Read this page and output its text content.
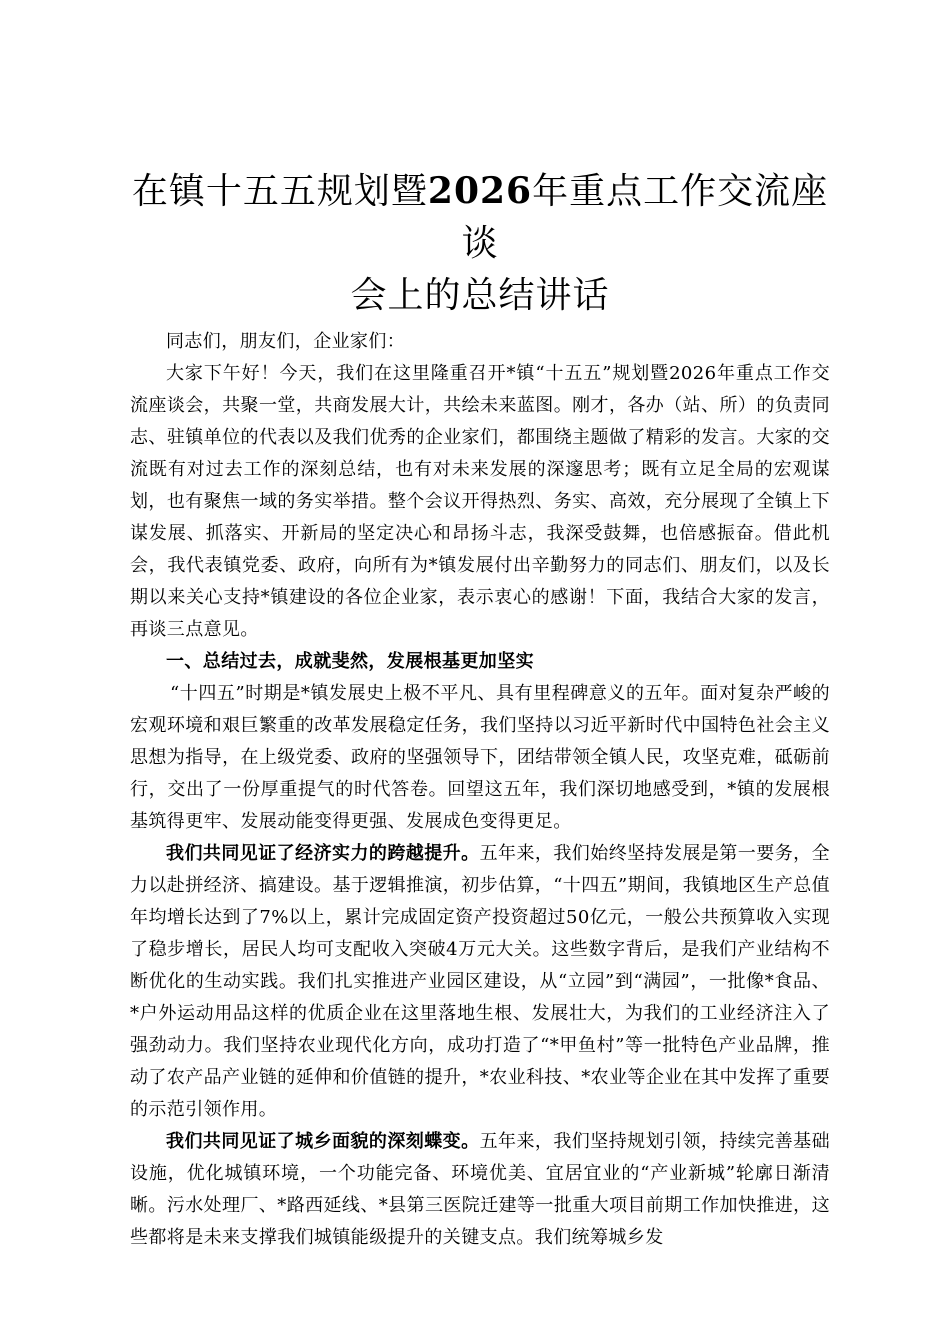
在镇十五五规划暨2026年重点工作交流座谈
会上的总结讲话

同志们，朋友们，企业家们：

大家下午好！今天，我们在这里隆重召开*镇“十五五”规划暨2026年重点工作交流座谈会，共聚一堂，共商发展大计，共绘未来蓝图。刚才，各办（站、所）的负责同志、驻镇单位的代表以及我们优秀的企业家们，都围绕主题做了精彩的发言。大家的交流既有对过去工作的深刻总结，也有对未来发展的深邃思考；既有立足全局的宏观谋划，也有聚焦一域的务实举措。整个会议开得热烈、务实、高效，充分展现了全镇上下谋发展、抓落实、开新局的坚定决心和昂扬斗志，我深受鼓舞，也倍感振奋。借此机会，我代表镇党委、政府，向所有为*镇发展付出辛勤努力的同志们、朋友们，以及长期以来关心支持*镇建设的各位企业家，表示衷心的感谢！下面，我结合大家的发言，再谈三点意见。

一、总结过去，成就斐然，发展根基更加坚实

“十四五”时期是*镇发展史上极不平凡、具有里程碑意义的五年。面对复杂严峻的宏观环境和艰巨繁重的改革发展稳定任务，我们坚持以习近平新时代中国特色社会主义思想为指导，在上级党委、政府的坚强领导下，团结带领全镇人民，攻坚克难，砥砺前行，交出了一份厚重提气的时代答卷。回望这五年，我们深切地感受到，*镇的发展根基筑得更牢、发展动能变得更强、发展成色变得更足。

我们共同见证了经济实力的跨越提升。五年来，我们始终坚持发展是第一要务，全力以赴拼经济、搞建设。基于逻辑推演，初步估算，“十四五”期间，我镇地区生产总值年均增长达到了7%以上，累计完成固定资产投资超过50亿元，一般公共预算收入实现了稳步增长，居民人均可支配收入突破4万元大关。这些数字背后，是我们产业结构不断优化的生动实践。我们扎实推进产业园区建设，从“立园”到“满园”，一批像*食品、*户外运动用品这样的优质企业在这里落地生根、发展壮大，为我们的工业经济注入了强劲动力。我们坚持农业现代化方向，成功打造了“*甲鱼村”等一批特色产业品牌，推动了农产品产业链的延伸和价值链的提升，*农业科技、*农业等企业在其中发挥了重要的示范引领作用。

我们共同见证了城乡面貌的深刻蝶变。五年来，我们坚持规划引领，持续完善基础设施，优化城镇环境，一个功能完备、环境优美、宜居宜业的“产业新城”轮廓日渐清晰。污水处理厂、*路西延线、*县第三医院迁建等一批重大项目前期工作加快推进，这些都将是未来支撑我们城镇能级提升的关键支点。我们统筹城乡发
